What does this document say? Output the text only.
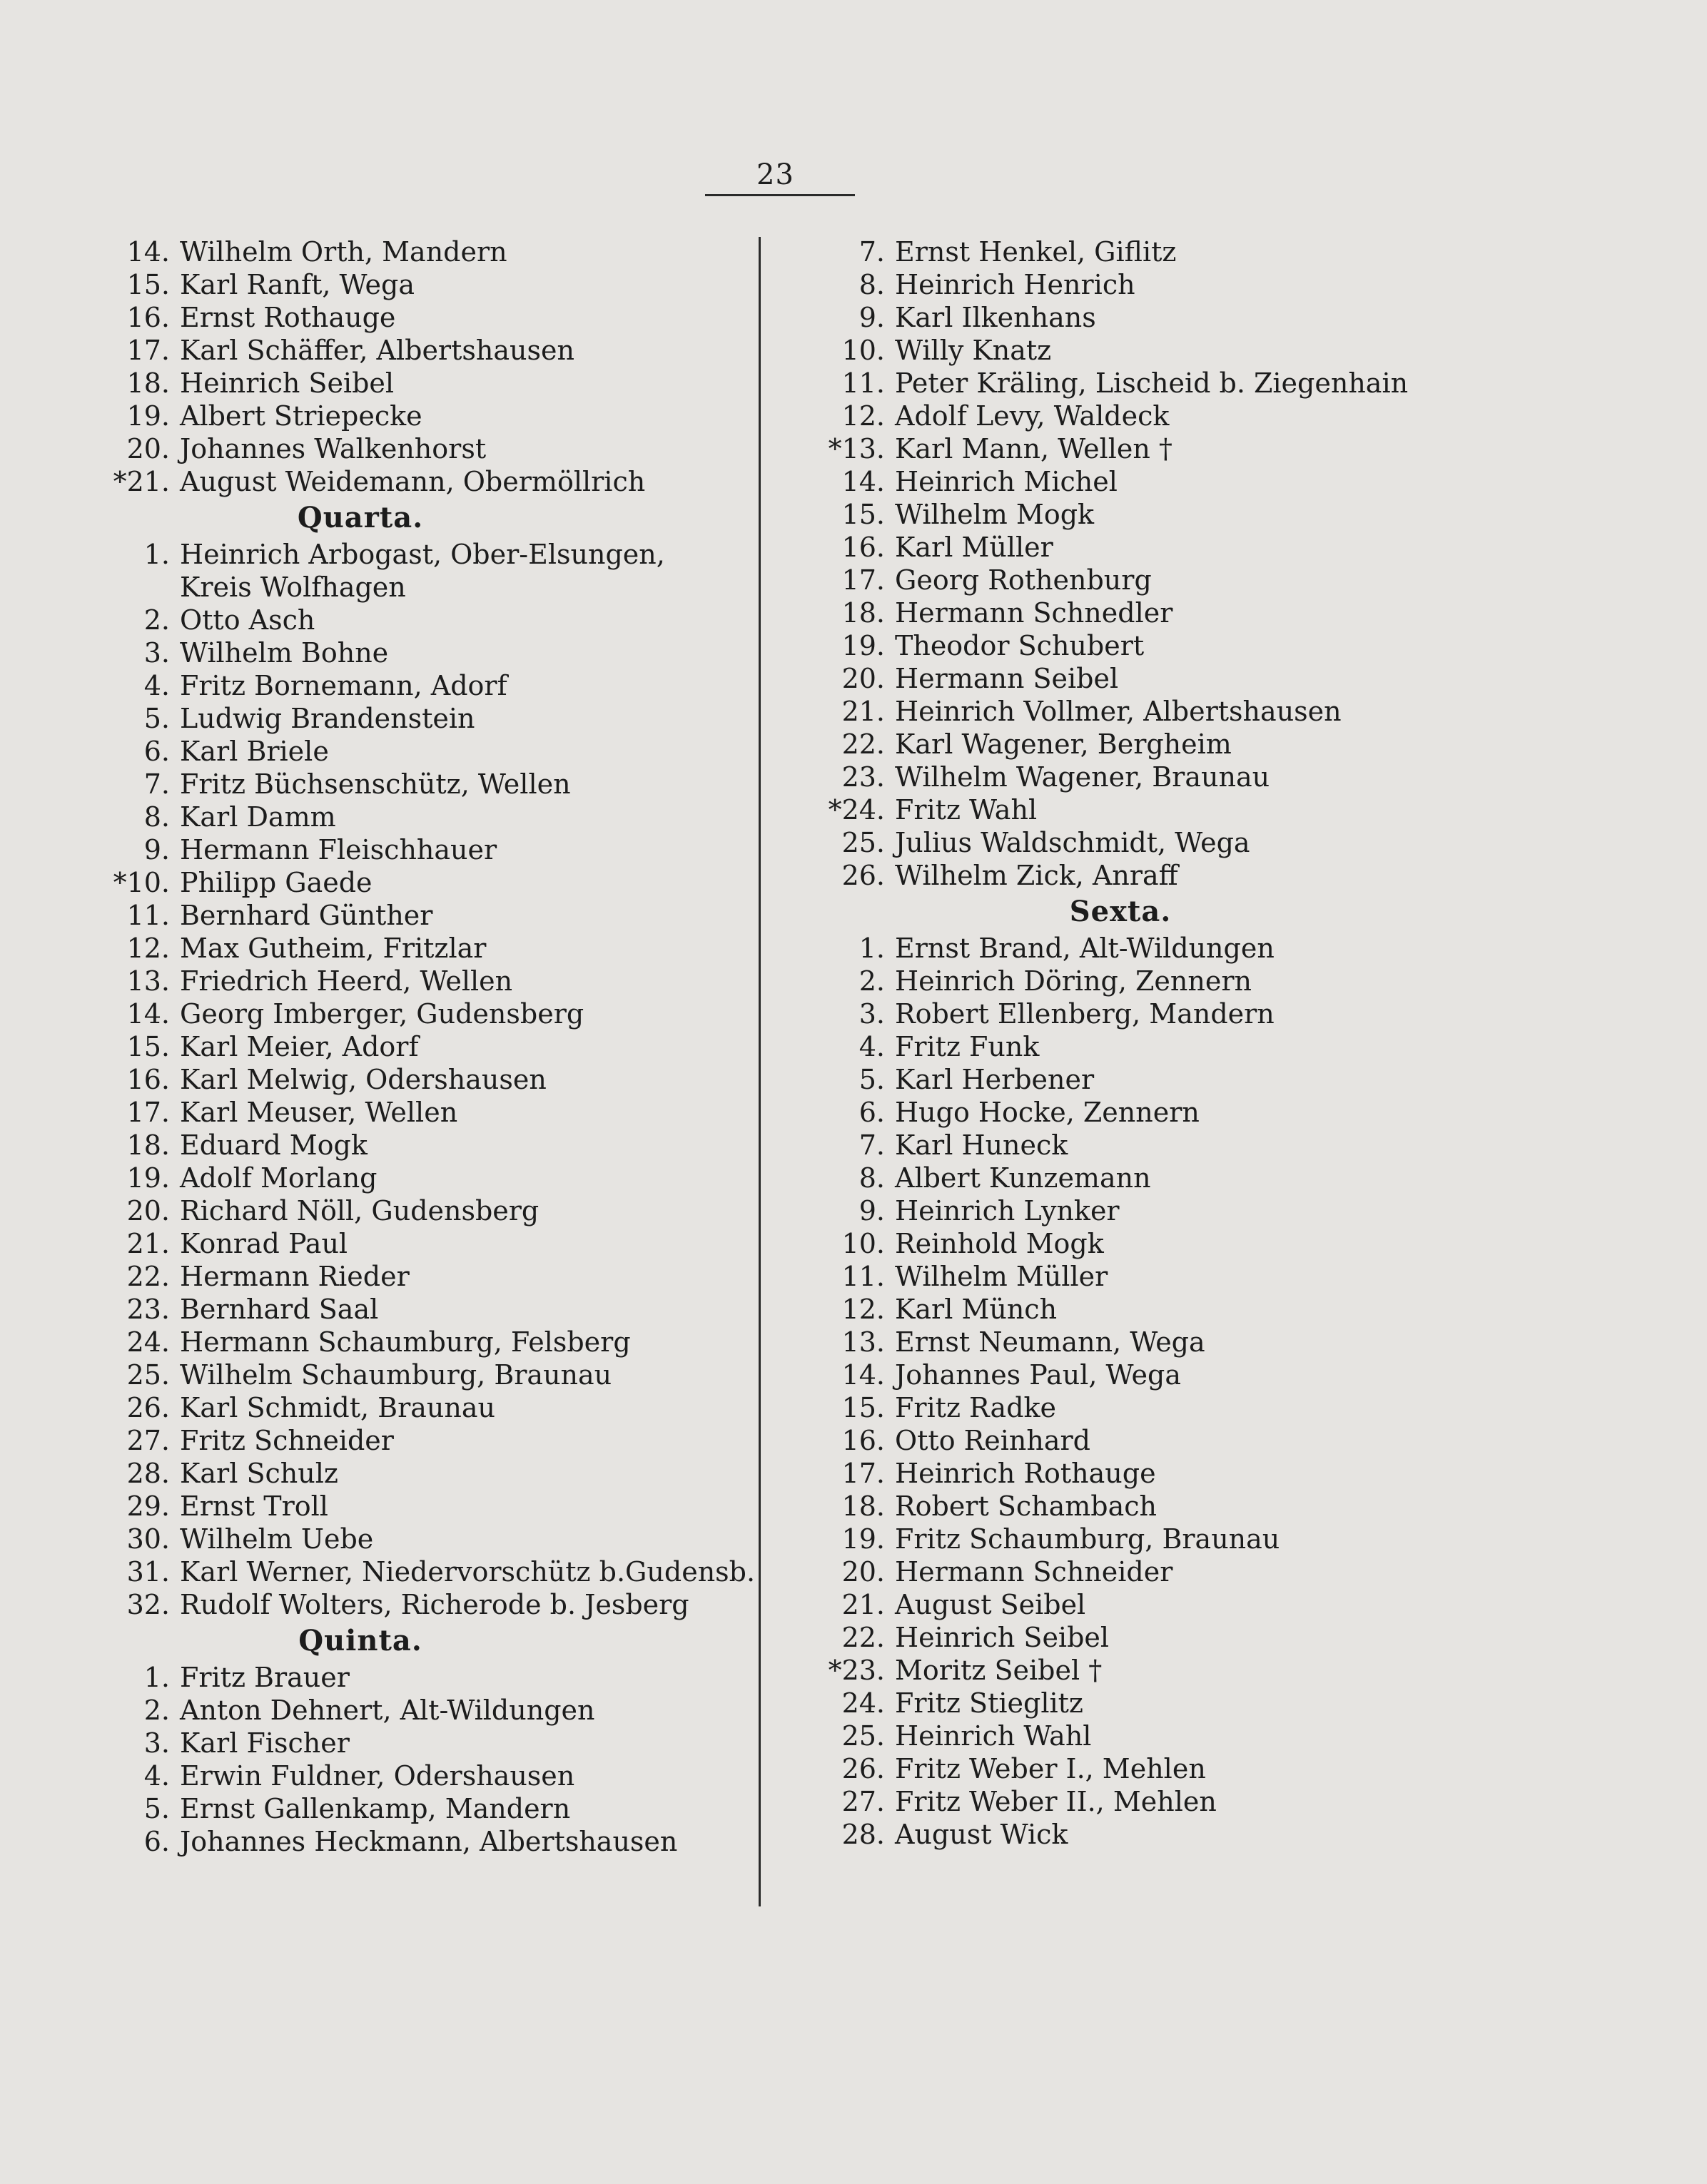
23
14. Wilhelm Orth, Mandern
15. Karl Ranft, Wega
16. Ernst Rothauge
17. Karl Schäffer, Albertshausen
18. Heinrich Seibel
19. Albert Striepecke
20. Johannes Walkenhorst
*21. August Weidemann, Obermöllrich
Quarta.
1. Heinrich Arbogast, Ober-Elsungen,
Kreis Wolfhagen
2. Otto Asch
3. Wilhelm Bohne
4. Fritz Bornemann, Adorf
5. Ludwig Brandenstein
6. Karl Briele
7. Fritz Büchsenschütz, Wellen
8. Karl Damm
9. Hermann Fleischhauer
*10. Philipp Gaede
11. Bernhard Günther
12. Max Gutheim, Fritzlar
13. Friedrich Heerd, Wellen
14. Georg Imberger, Gudensberg
15. Karl Meier, Adorf
16. Karl Melwig, Odershausen
17. Karl Meuser, Wellen
18. Eduard Mogk
19. Adolf Morlang
20. Richard Nöll, Gudensberg
21. Konrad Paul
22. Hermann Rieder
23. Bernhard Saal
24. Hermann Schaumburg, Felsberg
25. Wilhelm Schaumburg, Braunau
26. Karl Schmidt, Braunau
27. Fritz Schneider
28. Karl Schulz
29. Ernst Troll
30. Wilhelm Uebe
31. Karl Werner, Niedervorschütz b.Gudensb.
32. Rudolf Wolters, Richerode b. Jesberg
Quinta.
1. Fritz Brauer
2. Anton Dehnert, Alt-Wildungen
3. Karl Fischer
4. Erwin Fuldner, Odershausen
5. Ernst Gallenkamp, Mandern
6. Johannes Heckmann, Albertshausen
7. Ernst Henkel, Giflitz
8. Heinrich Henrich
9. Karl Ilkenhans
10. Willy Knatz
11. Peter Kräling, Lischeid b. Ziegenhain
12. Adolf Levy, Waldeck
*13. Karl Mann, Wellen †
14. Heinrich Michel
15. Wilhelm Mogk
16. Karl Müller
17. Georg Rothenburg
18. Hermann Schnedler
19. Theodor Schubert
20. Hermann Seibel
21. Heinrich Vollmer, Albertshausen
22. Karl Wagener, Bergheim
23. Wilhelm Wagener, Braunau
*24. Fritz Wahl
25. Julius Waldschmidt, Wega
26. Wilhelm Zick, Anraff
Sexta.
1. Ernst Brand, Alt-Wildungen
2. Heinrich Döring, Zennern
3. Robert Ellenberg, Mandern
4. Fritz Funk
5. Karl Herbener
6. Hugo Hocke, Zennern
7. Karl Huneck
8. Albert Kunzemann
9. Heinrich Lynker
10. Reinhold Mogk
11. Wilhelm Müller
12. Karl Münch
13. Ernst Neumann, Wega
14. Johannes Paul, Wega
15. Fritz Radke
16. Otto Reinhard
17. Heinrich Rothauge
18. Robert Schambach
19. Fritz Schaumburg, Braunau
20. Hermann Schneider
21. August Seibel
22. Heinrich Seibel
*23. Moritz Seibel †
24. Fritz Stieglitz
25. Heinrich Wahl
26. Fritz Weber I., Mehlen
27. Fritz Weber II., Mehlen
28. August Wick
